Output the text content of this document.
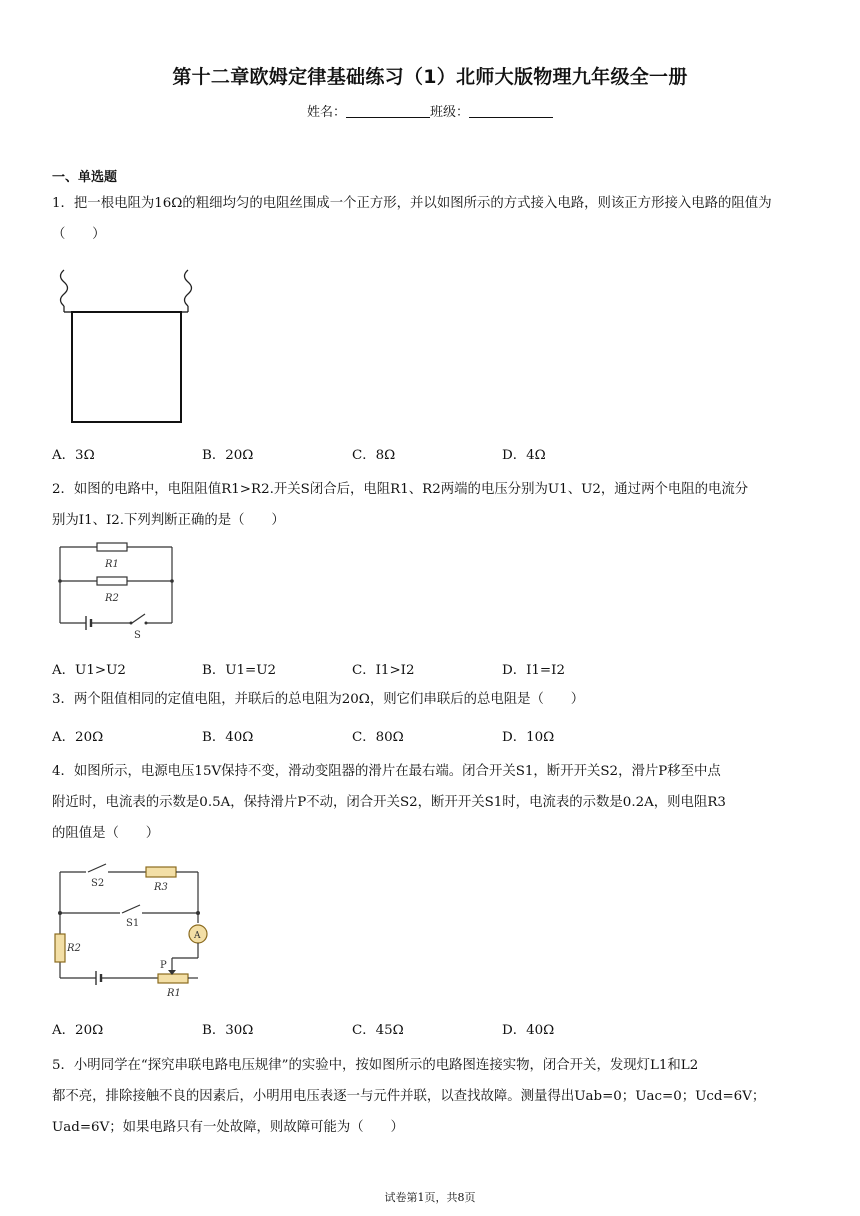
第十二章欧姆定律基础练习（1）北师大版物理九年级全一册
姓名：	班级：
一、单选题
1．把一根电阻为16Ω的粗细均匀的电阻丝围成一个正方形，并以如图所示的方式接入电路，则该正方形接入电路的阻值为（　　）
A．3Ω	B．20Ω	C．8Ω	D．4Ω
2．如图的电路中，电阻阻值R1>R2.开关S闭合后，电阻R1、R2两端的电压分别为U1、U2，通过两个电阻的电流分
别为I1、I2.下列判断正确的是（　　）
R1
R2
S
A．U1>U2	B．U1=U2	C．I1>I2	D．I1=I2
3．两个阻值相同的定值电阻，并联后的总电阻为20Ω，则它们串联后的总电阻是（　　）
A．20Ω	B．40Ω	C．80Ω	D．10Ω
4．如图所示，电源电压15V保持不变，滑动变阻器的滑片在最右端。闭合开关S1，断开开关S2，滑片P移至中点
附近时，电流表的示数是0.5A，保持滑片P不动，闭合开关S2，断开开关S1时，电流表的示数是0.2A，则电阻R3
的阻值是（　　）
S2	R3
S1
A
R2
P
R1
A．20Ω	B．30Ω	C．45Ω	D．40Ω
5．小明同学在“探究串联电路电压规律”的实验中，按如图所示的电路图连接实物，闭合开关，发现灯L1和L2
都不亮，排除接触不良的因素后，小明用电压表逐一与元件并联，以查找故障。测量得出Uab=0；Uac=0；Ucd=6V；
Uad=6V；如果电路只有一处故障，则故障可能为（　　）
试卷第1页，共8页
